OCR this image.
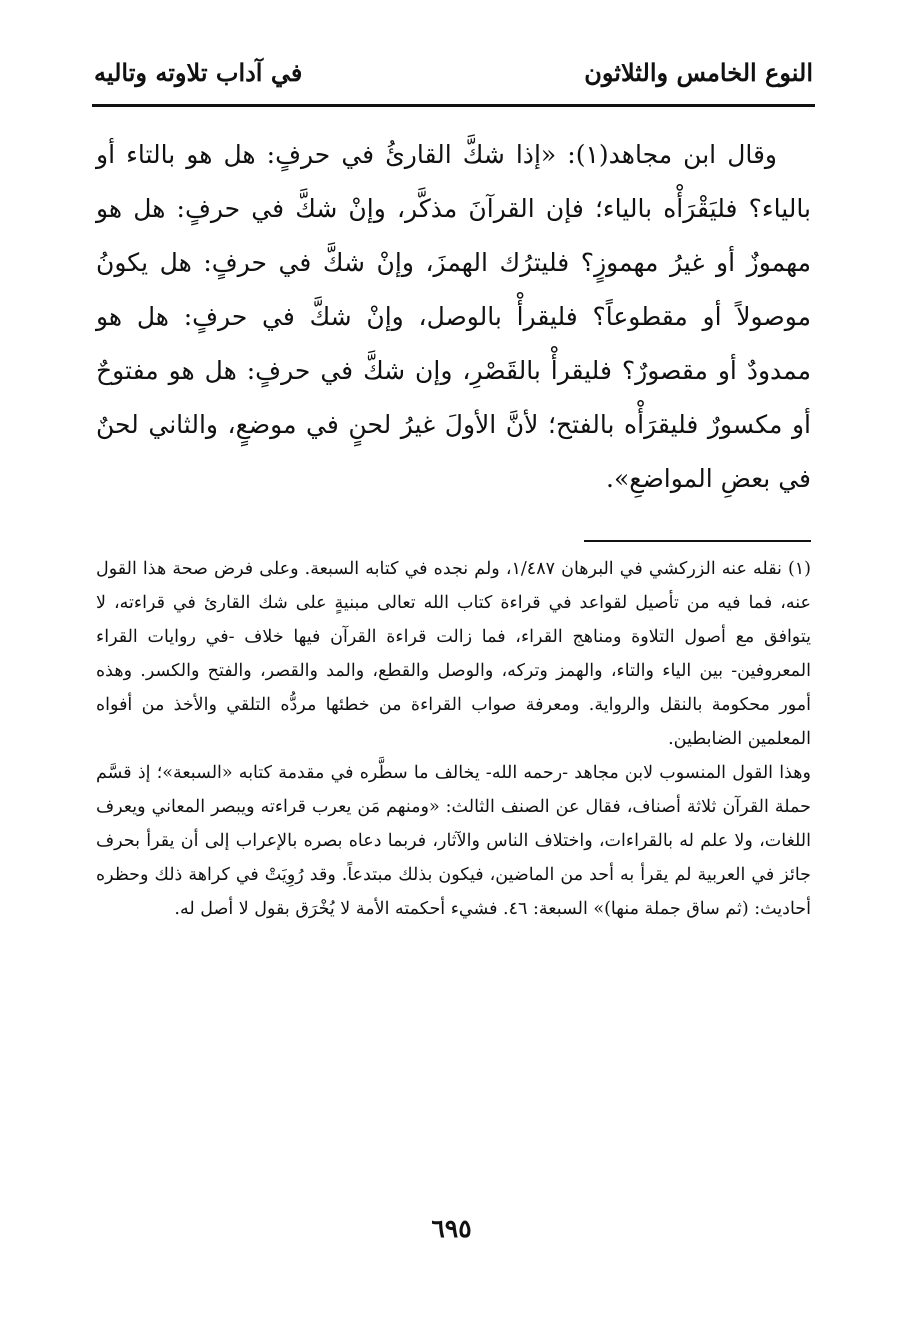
النوع الخامس والثلاثون
في آداب تلاوته وتاليه

وقال ابن مجاهد(١): «إذا شكَّ القارئُ في حرفٍ: هل هو بالتاء أو بالياء؟ فليَقْرَأْه بالياء؛ فإن القرآنَ مذكَّر، وإنْ شكَّ في حرفٍ: هل هو مهموزٌ أو غيرُ مهموزٍ؟ فليترُك الهمزَ، وإنْ شكَّ في حرفٍ: هل يكونُ موصولاً أو مقطوعاً؟ فليقرأْ بالوصل، وإنْ شكَّ في حرفٍ: هل هو ممدودٌ أو مقصورٌ؟ فليقرأْ بالقَصْرِ، وإن شكَّ في حرفٍ: هل هو مفتوحٌ أو مكسورٌ فليقرَأْه بالفتح؛ لأنَّ الأولَ غيرُ لحنٍ في موضعٍ، والثاني لحنٌ في بعضِ المواضعِ».

(١)نقله عنه الزركشي في البرهان ١/٤٨٧، ولم نجده في كتابه السبعة. وعلى فرض صحة هذا القول عنه، فما فيه من تأصيل لقواعد في قراءة كتاب الله تعالى مبنيةٍ على شك القارئ في قراءته، لا يتوافق مع أصول التلاوة ومناهج القراء، فما زالت قراءة القرآن فيها خلاف -في روايات القراء المعروفين- بين الياء والتاء، والهمز وتركه، والوصل والقطع، والمد والقصر، والفتح والكسر. وهذه أمور محكومة بالنقل والرواية. ومعرفة صواب القراءة من خطئها مردُّه التلقي والأخذ من أفواه المعلمين الضابطين.

وهذا القول المنسوب لابن مجاهد -رحمه الله- يخالف ما سطَّره في مقدمة كتابه «السبعة»؛ إذ قسَّم حملة القرآن ثلاثة أصناف، فقال عن الصنف الثالث: «ومنهم مَن يعرب قراءته ويبصر المعاني ويعرف اللغات، ولا علم له بالقراءات، واختلاف الناس والآثار، فربما دعاه بصره بالإعراب إلى أن يقرأ بحرف جائز في العربية لم يقرأ به أحد من الماضين، فيكون بذلك مبتدعاً. وقد رُوِيَتْ في كراهة ذلك وحظره أحاديث: (ثم ساق جملة منها)» السبعة: ٤٦. فشيء أحكمته الأمة لا يُخْرَق بقول لا أصل له.

٦٩٥
